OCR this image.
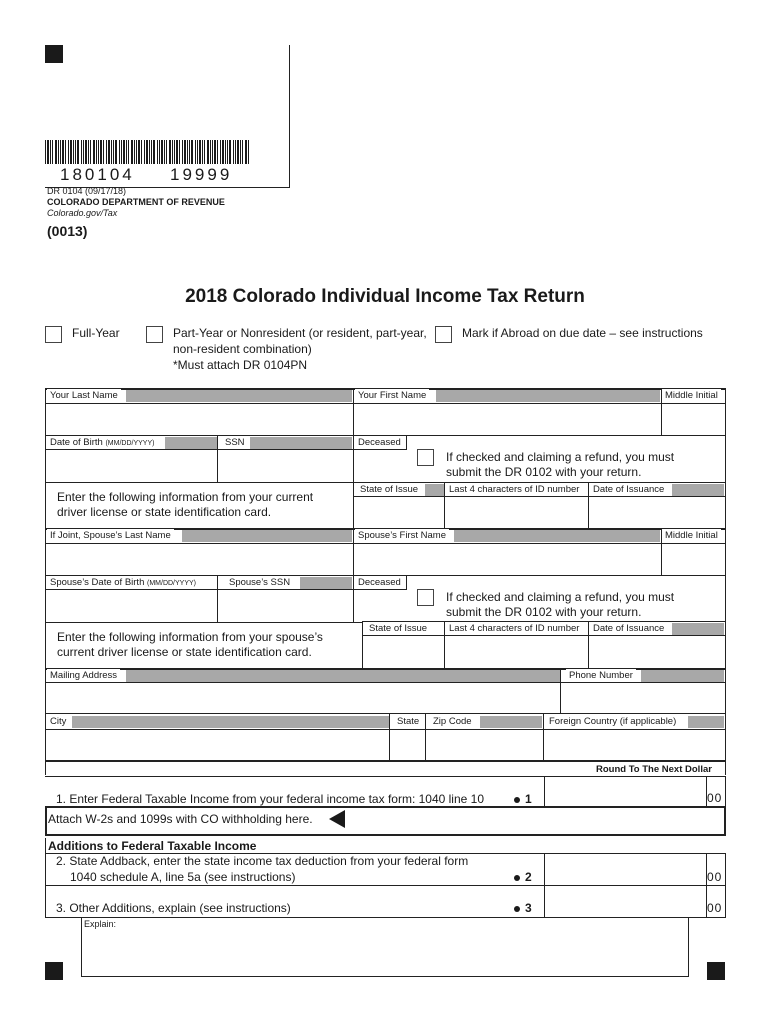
180104 19999
DR 0104 (09/17/18)
COLORADO DEPARTMENT OF REVENUE
Colorado.gov/Tax
(0013)
2018 Colorado Individual Income Tax Return
Full-Year	Part-Year or Nonresident (or resident, part-year,
non-resident combination)
*Must attach DR 0104PN
Mark if Abroad on due date – see instructions
Your Last Name	Your First Name	Middle Initial
Date of Birth (MM/DD/YYYY)	SSN	Deceased
If checked and claiming a refund, you must
submit the DR 0102 with your return.
Enter the following information from your current
driver license or state identification card.
State of Issue	Last 4 characters of ID number	Date of Issuance
If Joint, Spouse’s Last Name	Spouse’s First Name	Middle Initial
Spouse’s Date of Birth (MM/DD/YYYY)	Spouse’s SSN	Deceased
If checked and claiming a refund, you must
submit the DR 0102 with your return.
Enter the following information from your spouse’s
current driver license or state identification card.
State of Issue	Last 4 characters of ID number	Date of Issuance
Mailing Address	Phone Number
City	State	Zip Code	Foreign Country (if applicable)
Round To The Next Dollar
1. Enter Federal Taxable Income from your federal income tax form: 1040 line 10	1	00
Attach W-2s and 1099s with CO withholding here.
Additions to Federal Taxable Income
2. State Addback, enter the state income tax deduction from your federal form
1040 schedule A, line 5a (see instructions)	2	00
3. Other Additions, explain (see instructions)	3	00
Explain:
